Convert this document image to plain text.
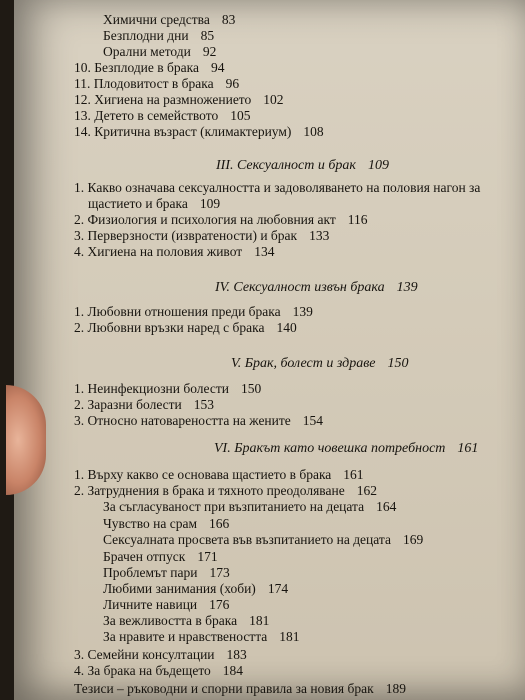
Химични средства 83
Безплодни дни 85
Орални методи 92
10. Безплодие в брака 94
11. Плодовитост в брака 96
12. Хигиена на размножението 102
13. Детето в семейството 105
14. Критична възраст (климактериум) 108
III. Сексуалност и брак 109
1. Какво означава сексуалността и задоволяването на половия нагон за
щастието и брака 109
2. Физиология и психология на любовния акт 116
3. Перверзности (извратености) и брак 133
4. Хигиена на половия живот 134
IV. Сексуалност извън брака 139
1. Любовни отношения преди брака 139
2. Любовни връзки наред с брака 140
V. Брак, болест и здраве 150
1. Неинфекциозни болести 150
2. Заразни болести 153
3. Относно натовареността на жените 154
VI. Бракът като човешка потребност 161
1. Върху какво се основава щастието в брака 161
2. Затруднения в брака и тяхното преодоляване 162
За съгласуваност при възпитанието на децата 164
Чувство на срам 166
Сексуалната просвета във възпитанието на децата 169
Брачен отпуск 171
Проблемът пари 173
Любими занимания (хоби) 174
Личните навици 176
За вежливостта в брака 181
За нравите и нравствеността 181
3. Семейни консултации 183
4. За брака на бъдещето 184
Тезиси – ръководни и спорни правила за новия брак 189
